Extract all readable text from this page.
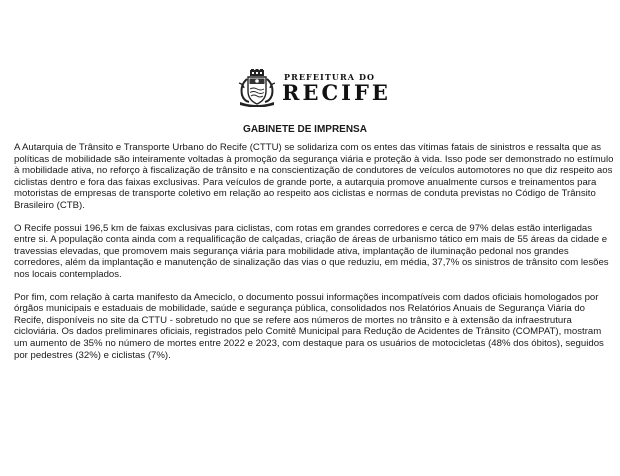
PREFEITURA DO
RECIFE
GABINETE DE IMPRENSA

A Autarquia de Trânsito e Transporte Urbano do Recife (CTTU) se solidariza com os entes das vítimas fatais de sinistros e ressalta que as políticas de mobilidade são inteiramente voltadas à promoção da segurança viária e proteção à vida. Isso pode ser demonstrado no estímulo à mobilidade ativa, no reforço à fiscalização de trânsito e na conscientização de condutores de veículos automotores no que diz respeito aos ciclistas dentro e fora das faixas exclusivas. Para veículos de grande porte, a autarquia promove anualmente cursos e treinamentos para motoristas de empresas de transporte coletivo em relação ao respeito aos ciclistas e normas de conduta previstas no Código de Trânsito Brasileiro (CTB).

O Recife possui 196,5 km de faixas exclusivas para ciclistas, com rotas em grandes corredores e cerca de 97% delas estão interligadas entre si. A população conta ainda com a requalificação de calçadas, criação de áreas de urbanismo tático em mais de 55 áreas da cidade e travessias elevadas, que promovem mais segurança viária para mobilidade ativa, implantação de iluminação pedonal nos grandes corredores, além da implantação e manutenção de sinalização das vias o que reduziu, em média, 37,7% os sinistros de trânsito com lesões nos locais contemplados.

Por fim, com relação à carta manifesto da Ameciclo, o documento possui informações incompatíveis com dados oficiais homologados por órgãos municipais e estaduais de mobilidade, saúde e segurança pública, consolidados nos Relatórios Anuais de Segurança Viária do Recife, disponíveis no site da CTTU - sobretudo no que se refere aos números de mortes no trânsito e à extensão da infraestrutura cicloviária. Os dados preliminares oficiais, registrados pelo Comitê Municipal para Redução de Acidentes de Trânsito (COMPAT), mostram um aumento de 35% no número de mortes entre 2022 e 2023, com destaque para os usuários de motocicletas (48% dos óbitos), seguidos por pedestres (32%) e ciclistas (7%).
